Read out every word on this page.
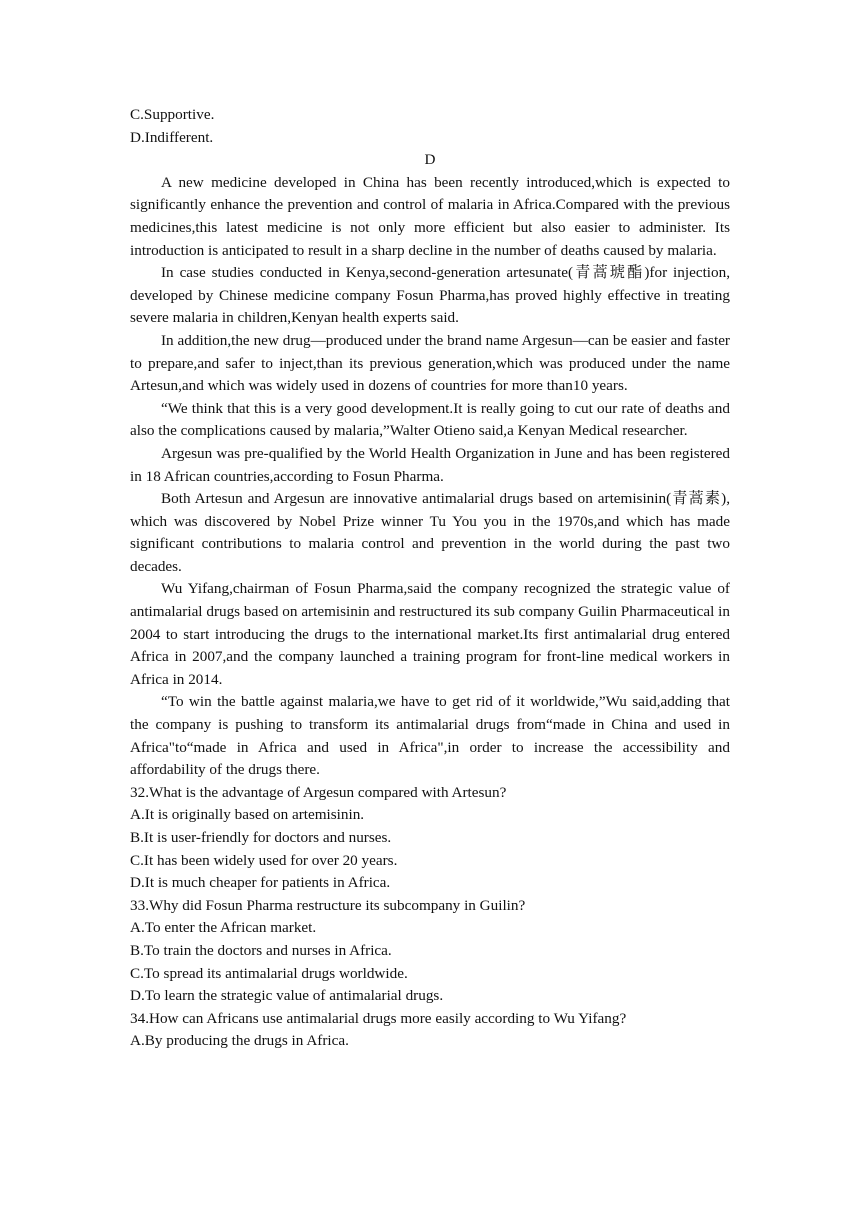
C.Supportive.

D.Indifferent.

D

A new medicine developed in China has been recently introduced,which is expected to significantly enhance the prevention and control of malaria in Africa.Compared with the previous medicines,this latest medicine is not only more efficient but also easier to administer. Its introduction is anticipated to result in a sharp decline in the number of deaths caused by malaria.

In case studies conducted in Kenya,second-generation artesunate(青蒿琥酯)for injection, developed by Chinese medicine company Fosun Pharma,has proved highly effective in treating severe malaria in children,Kenyan health experts said.

In addition,the new drug—produced under the brand name Argesun—can be easier and faster to prepare,and safer to inject,than its previous generation,which was produced under the name Artesun,and which was widely used in dozens of countries for more than10 years.

“We think that this is a very good development.It is really going to cut our rate of deaths and also the complications caused by malaria,”Walter Otieno said,a Kenyan Medical researcher.

Argesun was pre-qualified by the World Health Organization in June and has been registered in 18 African countries,according to Fosun Pharma.

Both Artesun and Argesun are innovative antimalarial drugs based on artemisinin(青蒿素), which was discovered by Nobel Prize winner Tu You you in the 1970s,and which has made significant contributions to malaria control and prevention in the world during the past two decades.

Wu Yifang,chairman of Fosun Pharma,said the company recognized the strategic value of antimalarial drugs based on artemisinin and restructured its sub company Guilin Pharmaceutical in 2004 to start introducing the drugs to the international market.Its first antimalarial drug entered Africa in 2007,and the company launched a training program for front-line medical workers in Africa in 2014.

“To win the battle against malaria,we have to get rid of it worldwide,”Wu said,adding that the company is pushing to transform its antimalarial drugs from“made in China and used in Africa"to“made in Africa and used in Africa",in order to increase the accessibility and affordability of the drugs there.

32.What is the advantage of Argesun compared with Artesun?

A.It is originally based on artemisinin.

B.It is user-friendly for doctors and nurses.

C.It has been widely used for over 20 years.

D.It is much cheaper for patients in Africa.

33.Why did Fosun Pharma restructure its subcompany in Guilin?

A.To enter the African market.

B.To train the doctors and nurses in Africa.

C.To spread its antimalarial drugs worldwide.

D.To learn the strategic value of antimalarial drugs.

34.How can Africans use antimalarial drugs more easily according to Wu Yifang?

A.By producing the drugs in Africa.
